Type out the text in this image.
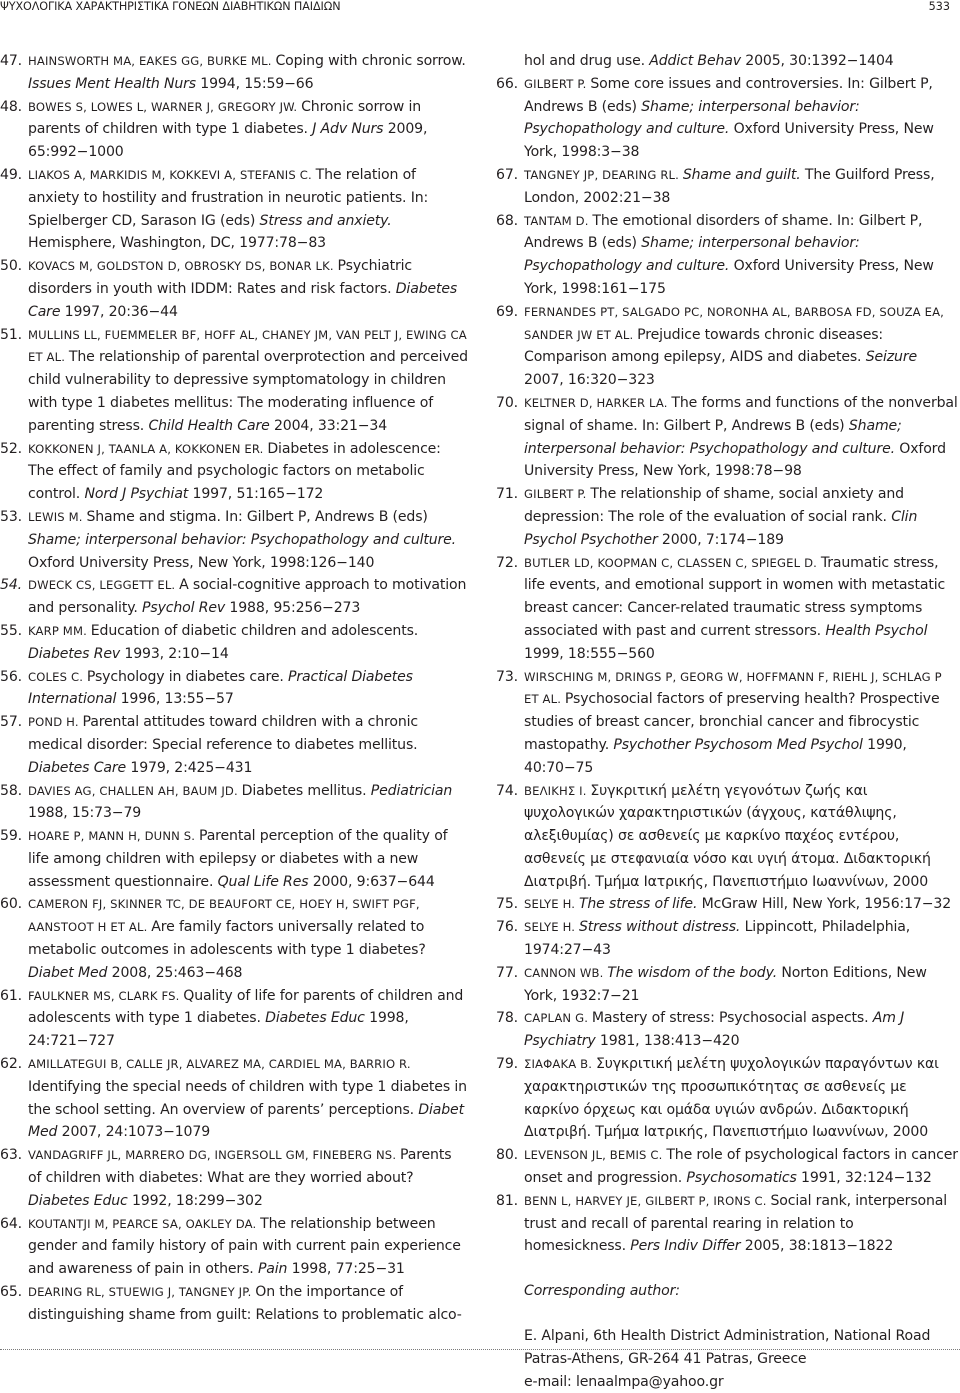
ΨΥΧΟΛΟΓΙΚΑ ΧΑΡΑΚΤΗΡΙΣΤΙΚΑ ΓΟΝΕΩΝ ΔΙΑΒΗΤΙΚΩΝ ΠΑΙΔΙΩΝ	533
47. HAINSWORTH MA, EAKES GG, BURKE ML. Coping with chronic sorrow. Issues Ment Health Nurs 1994, 15:59−66
48. BOWES S, LOWES L, WARNER J, GREGORY JW. Chronic sorrow in parents of children with type 1 diabetes. J Adv Nurs 2009, 65:992−1000
49. LIAKOS A, MARKIDIS M, KOKKEVI A, STEFANIS C. The relation of anxiety to hostility and frustration in neurotic patients. In: Spielberger CD, Sarason IG (eds) Stress and anxiety. Hemisphere, Washington, DC, 1977:78−83
50. KOVACS M, GOLDSTON D, OBROSKY DS, BONAR LK. Psychiatric disorders in youth with IDDM: Rates and risk factors. Diabetes Care 1997, 20:36−44
51. MULLINS LL, FUEMMELER BF, HOFF AL, CHANEY JM, VAN PELT J, EWING CA ET AL. The relationship of parental overprotection and perceived child vulnerability to depressive symptomatology in children with type 1 diabetes mellitus: The moderating influence of parenting stress. Child Health Care 2004, 33:21−34
52. KOKKONEN J, TAANLA A, KOKKONEN ER. Diabetes in adolescence: The effect of family and psychologic factors on metabolic control. Nord J Psychiat 1997, 51:165−172
53. LEWIS M. Shame and stigma. In: Gilbert P, Andrews B (eds) Shame; interpersonal behavior: Psychopathology and culture. Oxford University Press, New York, 1998:126−140
54. DWECK CS, LEGGETT EL. A social-cognitive approach to motivation and personality. Psychol Rev 1988, 95:256−273
55. KARP MM. Education of diabetic children and adolescents. Diabetes Rev 1993, 2:10−14
56. COLES C. Psychology in diabetes care. Practical Diabetes International 1996, 13:55−57
57. POND H. Parental attitudes toward children with a chronic medical disorder: Special reference to diabetes mellitus. Diabetes Care 1979, 2:425−431
58. DAVIES AG, CHALLEN AH, BAUM JD. Diabetes mellitus. Pediatrician 1988, 15:73−79
59. HOARE P, MANN H, DUNN S. Parental perception of the quality of life among children with epilepsy or diabetes with a new assessment questionnaire. Qual Life Res 2000, 9:637−644
60. CAMERON FJ, SKINNER TC, DE BEAUFORT CE, HOEY H, SWIFT PGF, AANSTOOT H ET AL. Are family factors universally related to metabolic outcomes in adolescents with type 1 diabetes? Diabet Med 2008, 25:463−468
61. FAULKNER MS, CLARK FS. Quality of life for parents of children and adolescents with type 1 diabetes. Diabetes Educ 1998, 24:721−727
62. AMILLATEGUI B, CALLE JR, ALVAREZ MA, CARDIEL MA, BARRIO R. Identifying the special needs of children with type 1 diabetes in the school setting. An overview of parents’ perceptions. Diabet Med 2007, 24:1073−1079
63. VANDAGRIFF JL, MARRERO DG, INGERSOLL GM, FINEBERG NS. Parents of children with diabetes: What are they worried about? Diabetes Educ 1992, 18:299−302
64. KOUTANTJI M, PEARCE SA, OAKLEY DA. The relationship between gender and family history of pain with current pain experience and awareness of pain in others. Pain 1998, 77:25−31
65. DEARING RL, STUEWIG J, TANGNEY JP. On the importance of distinguishing shame from guilt: Relations to problematic alco-
hol and drug use. Addict Behav 2005, 30:1392−1404
66. GILBERT P. Some core issues and controversies. In: Gilbert P, Andrews B (eds) Shame; interpersonal behavior: Psychopathology and culture. Oxford University Press, New York, 1998:3−38
67. TANGNEY JP, DEARING RL. Shame and guilt. The Guilford Press, London, 2002:21−38
68. TANTAM D. The emotional disorders of shame. In: Gilbert P, Andrews B (eds) Shame; interpersonal behavior: Psychopathology and culture. Oxford University Press, New York, 1998:161−175
69. FERNANDES PT, SALGADO PC, NORONHA AL, BARBOSA FD, SOUZA EA, SANDER JW ET AL. Prejudice towards chronic diseases: Comparison among epilepsy, AIDS and diabetes. Seizure 2007, 16:320−323
70. KELTNER D, HARKER LA. The forms and functions of the nonverbal signal of shame. In: Gilbert P, Andrews B (eds) Shame; interpersonal behavior: Psychopathology and culture. Oxford University Press, New York, 1998:78−98
71. GILBERT P. The relationship of shame, social anxiety and depression: The role of the evaluation of social rank. Clin Psychol Psychother 2000, 7:174−189
72. BUTLER LD, KOOPMAN C, CLASSEN C, SPIEGEL D. Traumatic stress, life events, and emotional support in women with metastatic breast cancer: Cancer-related traumatic stress symptoms associated with past and current stressors. Health Psychol 1999, 18:555−560
73. WIRSCHING M, DRINGS P, GEORG W, HOFFMANN F, RIEHL J, SCHLAG P ET AL. Psychosocial factors of preserving health? Prospective studies of breast cancer, bronchial cancer and fibrocystic mastopathy. Psychother Psychosom Med Psychol 1990, 40:70−75
74. ΒΕΛΙΚΗΣ Ι. Συγκριτική μελέτη γεγονότων ζωής και ψυχολογικών χαρακτηριστικών (άγχους, κατάθλιψης, αλεξιθυμίας) σε ασθενείς με καρκίνο παχέος εντέρου, ασθενείς με στεφανιαία νόσο και υγιή άτομα. Διδακτορική Διατριβή. Τμήμα Ιατρικής, Πανεπιστήμιο Ιωαννίνων, 2000
75. SELYE H. The stress of life. McGraw Hill, New York, 1956:17−32
76. SELYE H. Stress without distress. Lippincott, Philadelphia, 1974:27−43
77. CANNON WB. The wisdom of the body. Norton Editions, New York, 1932:7−21
78. CAPLAN G. Mastery of stress: Psychosocial aspects. Am J Psychiatry 1981, 138:413−420
79. ΣΙΑΦΑΚΑ Β. Συγκριτική μελέτη ψυχολογικών παραγόντων και χαρακτηριστικών της προσωπικότητας σε ασθενείς με καρκίνο όρχεως και ομάδα υγιών ανδρών. Διδακτορική Διατριβή. Τμήμα Ιατρικής, Πανεπιστήμιο Ιωαννίνων, 2000
80. LEVENSON JL, BEMIS C. The role of psychological factors in cancer onset and progression. Psychosomatics 1991, 32:124−132
81. BENN L, HARVEY JE, GILBERT P, IRONS C. Social rank, interpersonal trust and recall of parental rearing in relation to homesickness. Pers Indiv Differ 2005, 38:1813−1822
Corresponding author:
E. Alpani, 6th Health District Administration, National Road
Patras-Athens, GR-264 41 Patras, Greece
e-mail: lenaalmpa@yahoo.gr
